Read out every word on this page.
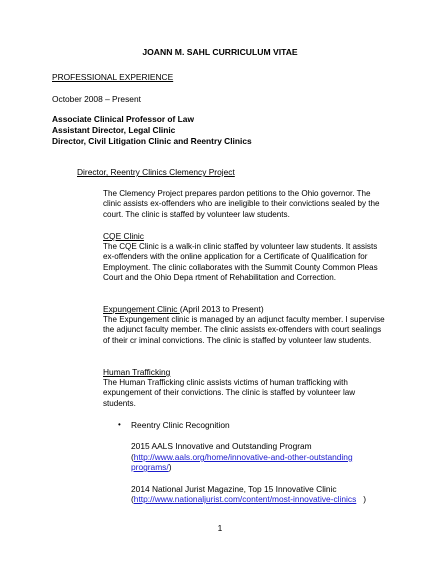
JOANN M. SAHL CURRICULUM VITAE
PROFESSIONAL EXPERIENCE
October 2008 – Present
Associate Clinical Professor of Law
Assistant Director, Legal Clinic
Director, Civil Litigation Clinic and Reentry Clinics
Director, Reentry Clinics Clemency Project
The Clemency Project prepares pardon petitions to the Ohio governor. The clinic assists ex-offenders who are ineligible to their convictions sealed by the court. The clinic is staffed by volunteer law students.
CQE Clinic
The CQE Clinic is a walk-in clinic staffed by volunteer law students. It assists ex-offenders with the online application for a Certificate of Qualification for Employment. The clinic collaborates with the Summit County Common Pleas Court and the Ohio Depa rtment of Rehabilitation and Correction.
Expungement Clinic (April 2013 to Present)
The Expungement clinic is managed by an adjunct faculty member. I supervise the adjunct faculty member. The clinic assists ex-offenders with court sealings of their cr iminal convictions. The clinic is staffed by volunteer law students.
Human Trafficking
The Human Trafficking clinic assists victims of human trafficking with expungement of their convictions. The clinic is staffed by volunteer law students.
• Reentry Clinic Recognition
2015 AALS Innovative and Outstanding Program
(http://www.aals.org/home/innovative-and-other-outstanding
programs/)
2014 National Jurist Magazine, Top 15 Innovative Clinic
(http://www.nationaljurist.com/content/most-innovative-clinics   )
1
